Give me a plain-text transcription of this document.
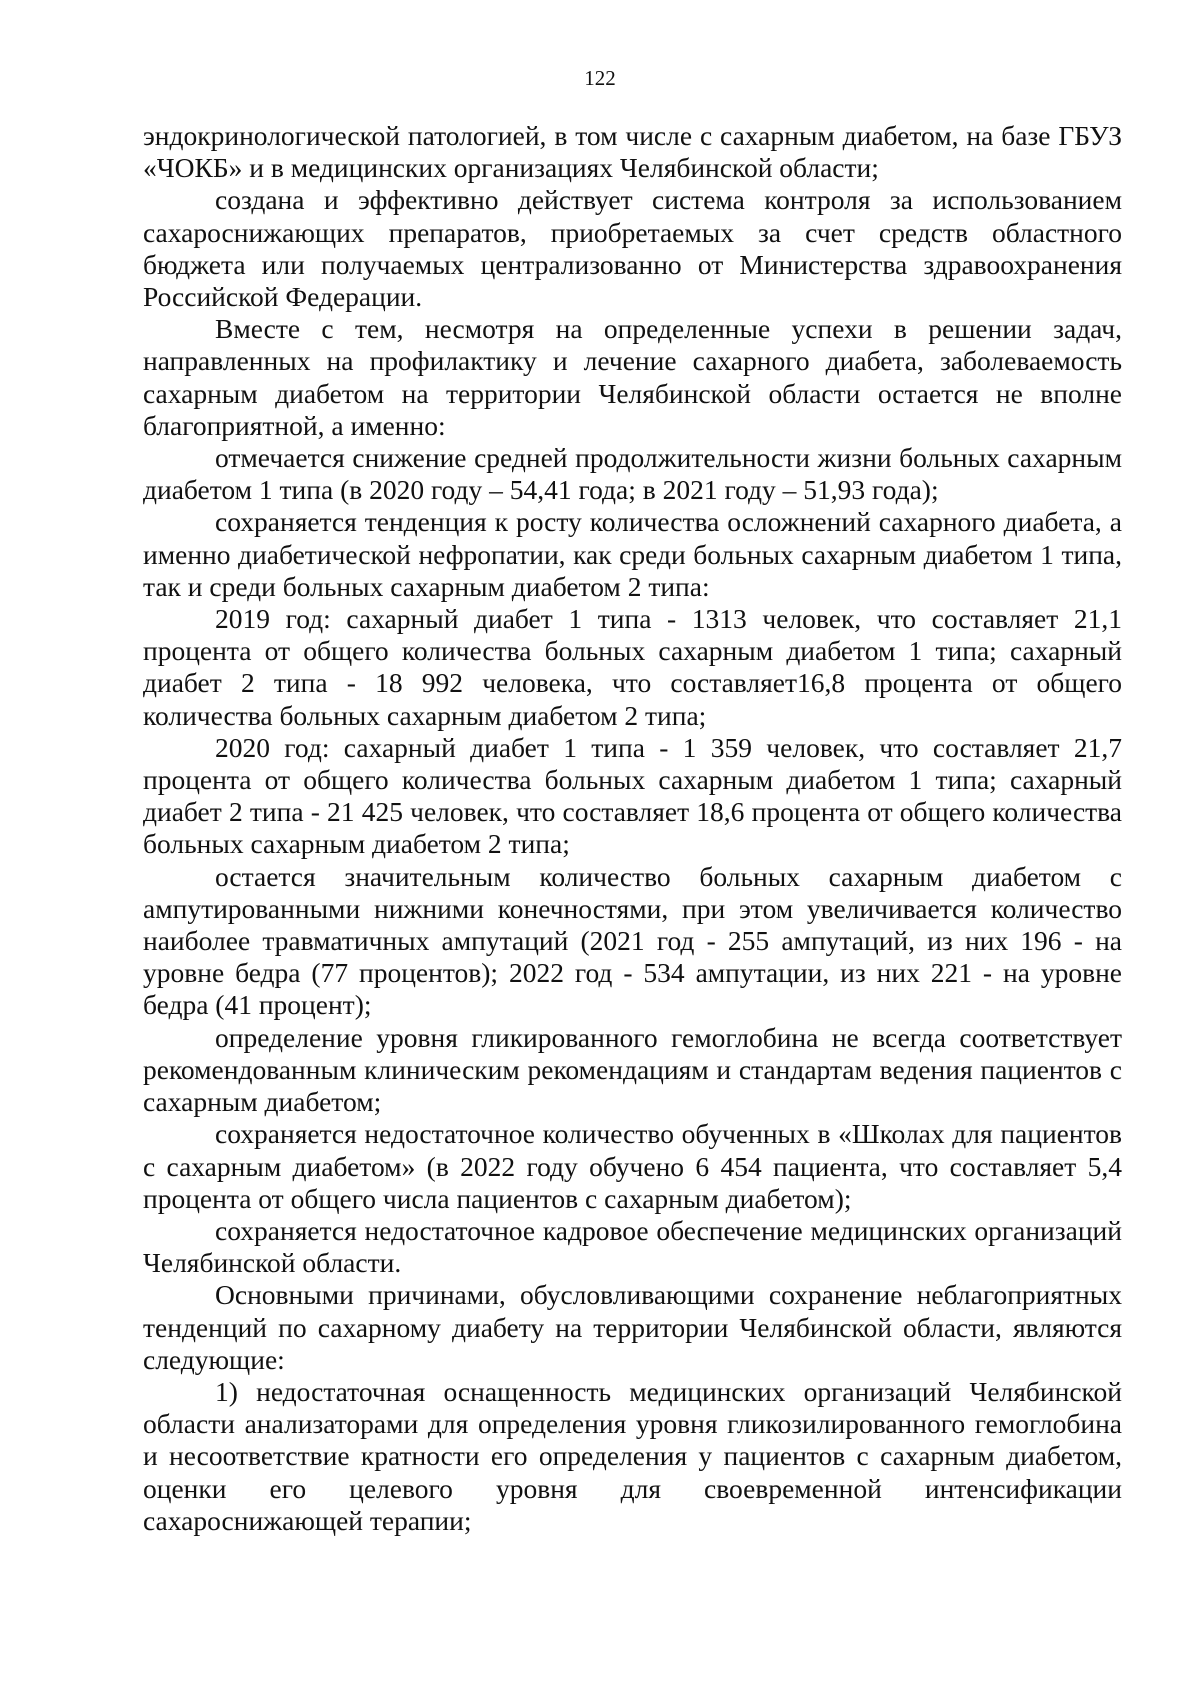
122

эндокринологической патологией, в том числе с сахарным диабетом, на базе ГБУЗ «ЧОКБ» и в медицинских организациях Челябинской области;

создана и эффективно действует система контроля за использованием сахароснижающих препаратов, приобретаемых за счет средств областного бюджета или получаемых централизованно от Министерства здравоохранения Российской Федерации.

Вместе с тем, несмотря на определенные успехи в решении задач, направленных на профилактику и лечение сахарного диабета, заболеваемость сахарным диабетом на территории Челябинской области остается не вполне благоприятной, а именно:

отмечается снижение средней продолжительности жизни больных сахарным диабетом 1 типа (в 2020 году – 54,41 года; в 2021 году – 51,93 года);

сохраняется тенденция к росту количества осложнений сахарного диабета, а именно диабетической нефропатии, как среди больных сахарным диабетом 1 типа, так и среди больных сахарным диабетом 2 типа:

2019 год: сахарный диабет 1 типа - 1313 человек, что составляет 21,1 процента от общего количества больных сахарным диабетом 1 типа; сахарный диабет 2 типа - 18 992 человека, что составляет16,8 процента от общего количества больных сахарным диабетом 2 типа;

2020 год: сахарный диабет 1 типа - 1 359 человек, что составляет 21,7 процента от общего количества больных сахарным диабетом 1 типа; сахарный диабет 2 типа - 21 425 человек, что составляет 18,6 процента от общего количества больных сахарным диабетом 2 типа;

остается значительным количество больных сахарным диабетом с ампутированными нижними конечностями, при этом увеличивается количество наиболее травматичных ампутаций (2021 год - 255 ампутаций, из них 196 - на уровне бедра (77 процентов); 2022 год - 534 ампутации, из них 221 - на уровне бедра (41 процент);

определение уровня гликированного гемоглобина не всегда соответствует рекомендованным клиническим рекомендациям и стандартам ведения пациентов с сахарным диабетом;

сохраняется недостаточное количество обученных в «Школах для пациентов с сахарным диабетом» (в 2022 году обучено 6 454 пациента, что составляет 5,4 процента от общего числа пациентов с сахарным диабетом);

сохраняется недостаточное кадровое обеспечение медицинских организаций Челябинской области.

Основными причинами, обусловливающими сохранение неблагоприятных тенденций по сахарному диабету на территории Челябинской области, являются следующие:

1) недостаточная оснащенность медицинских организаций Челябинской области анализаторами для определения уровня гликозилированного гемоглобина и несоответствие кратности его определения у пациентов с сахарным диабетом, оценки его целевого уровня для своевременной интенсификации сахароснижающей терапии;
